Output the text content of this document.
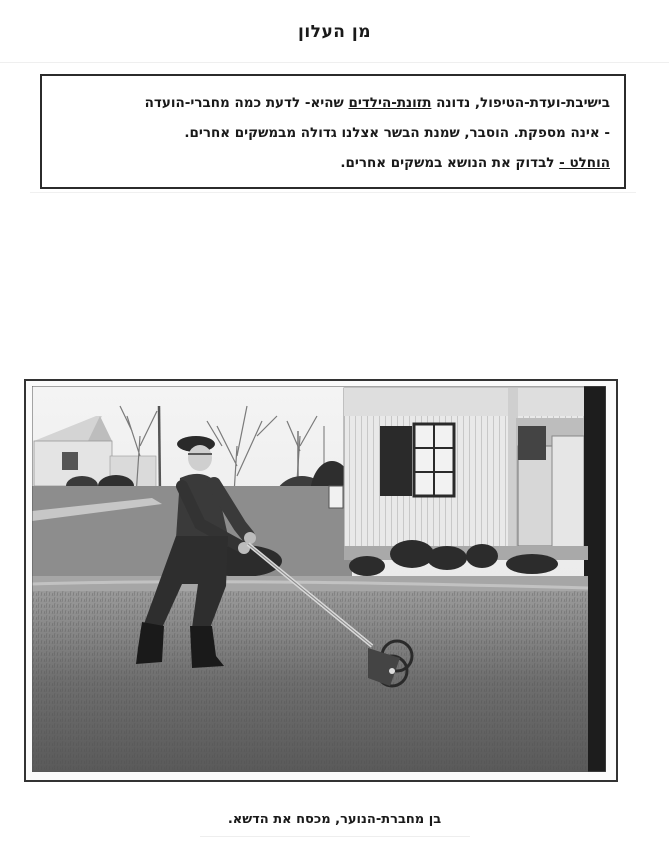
מן העלון
בישיבת-ועדת-הטיפול, נדונה תזונת-הילדים שהיא- לדעת כמה מחברי-הועדה
- אינה מספקת. הוסבר, שמנת הבשר אצלנו גדולה מבמשקים אחרים.
הוחלט - לבדוק את הנושא במשקים אחרים.
בן מחברת-הנוער, מכסח את הדשא.
